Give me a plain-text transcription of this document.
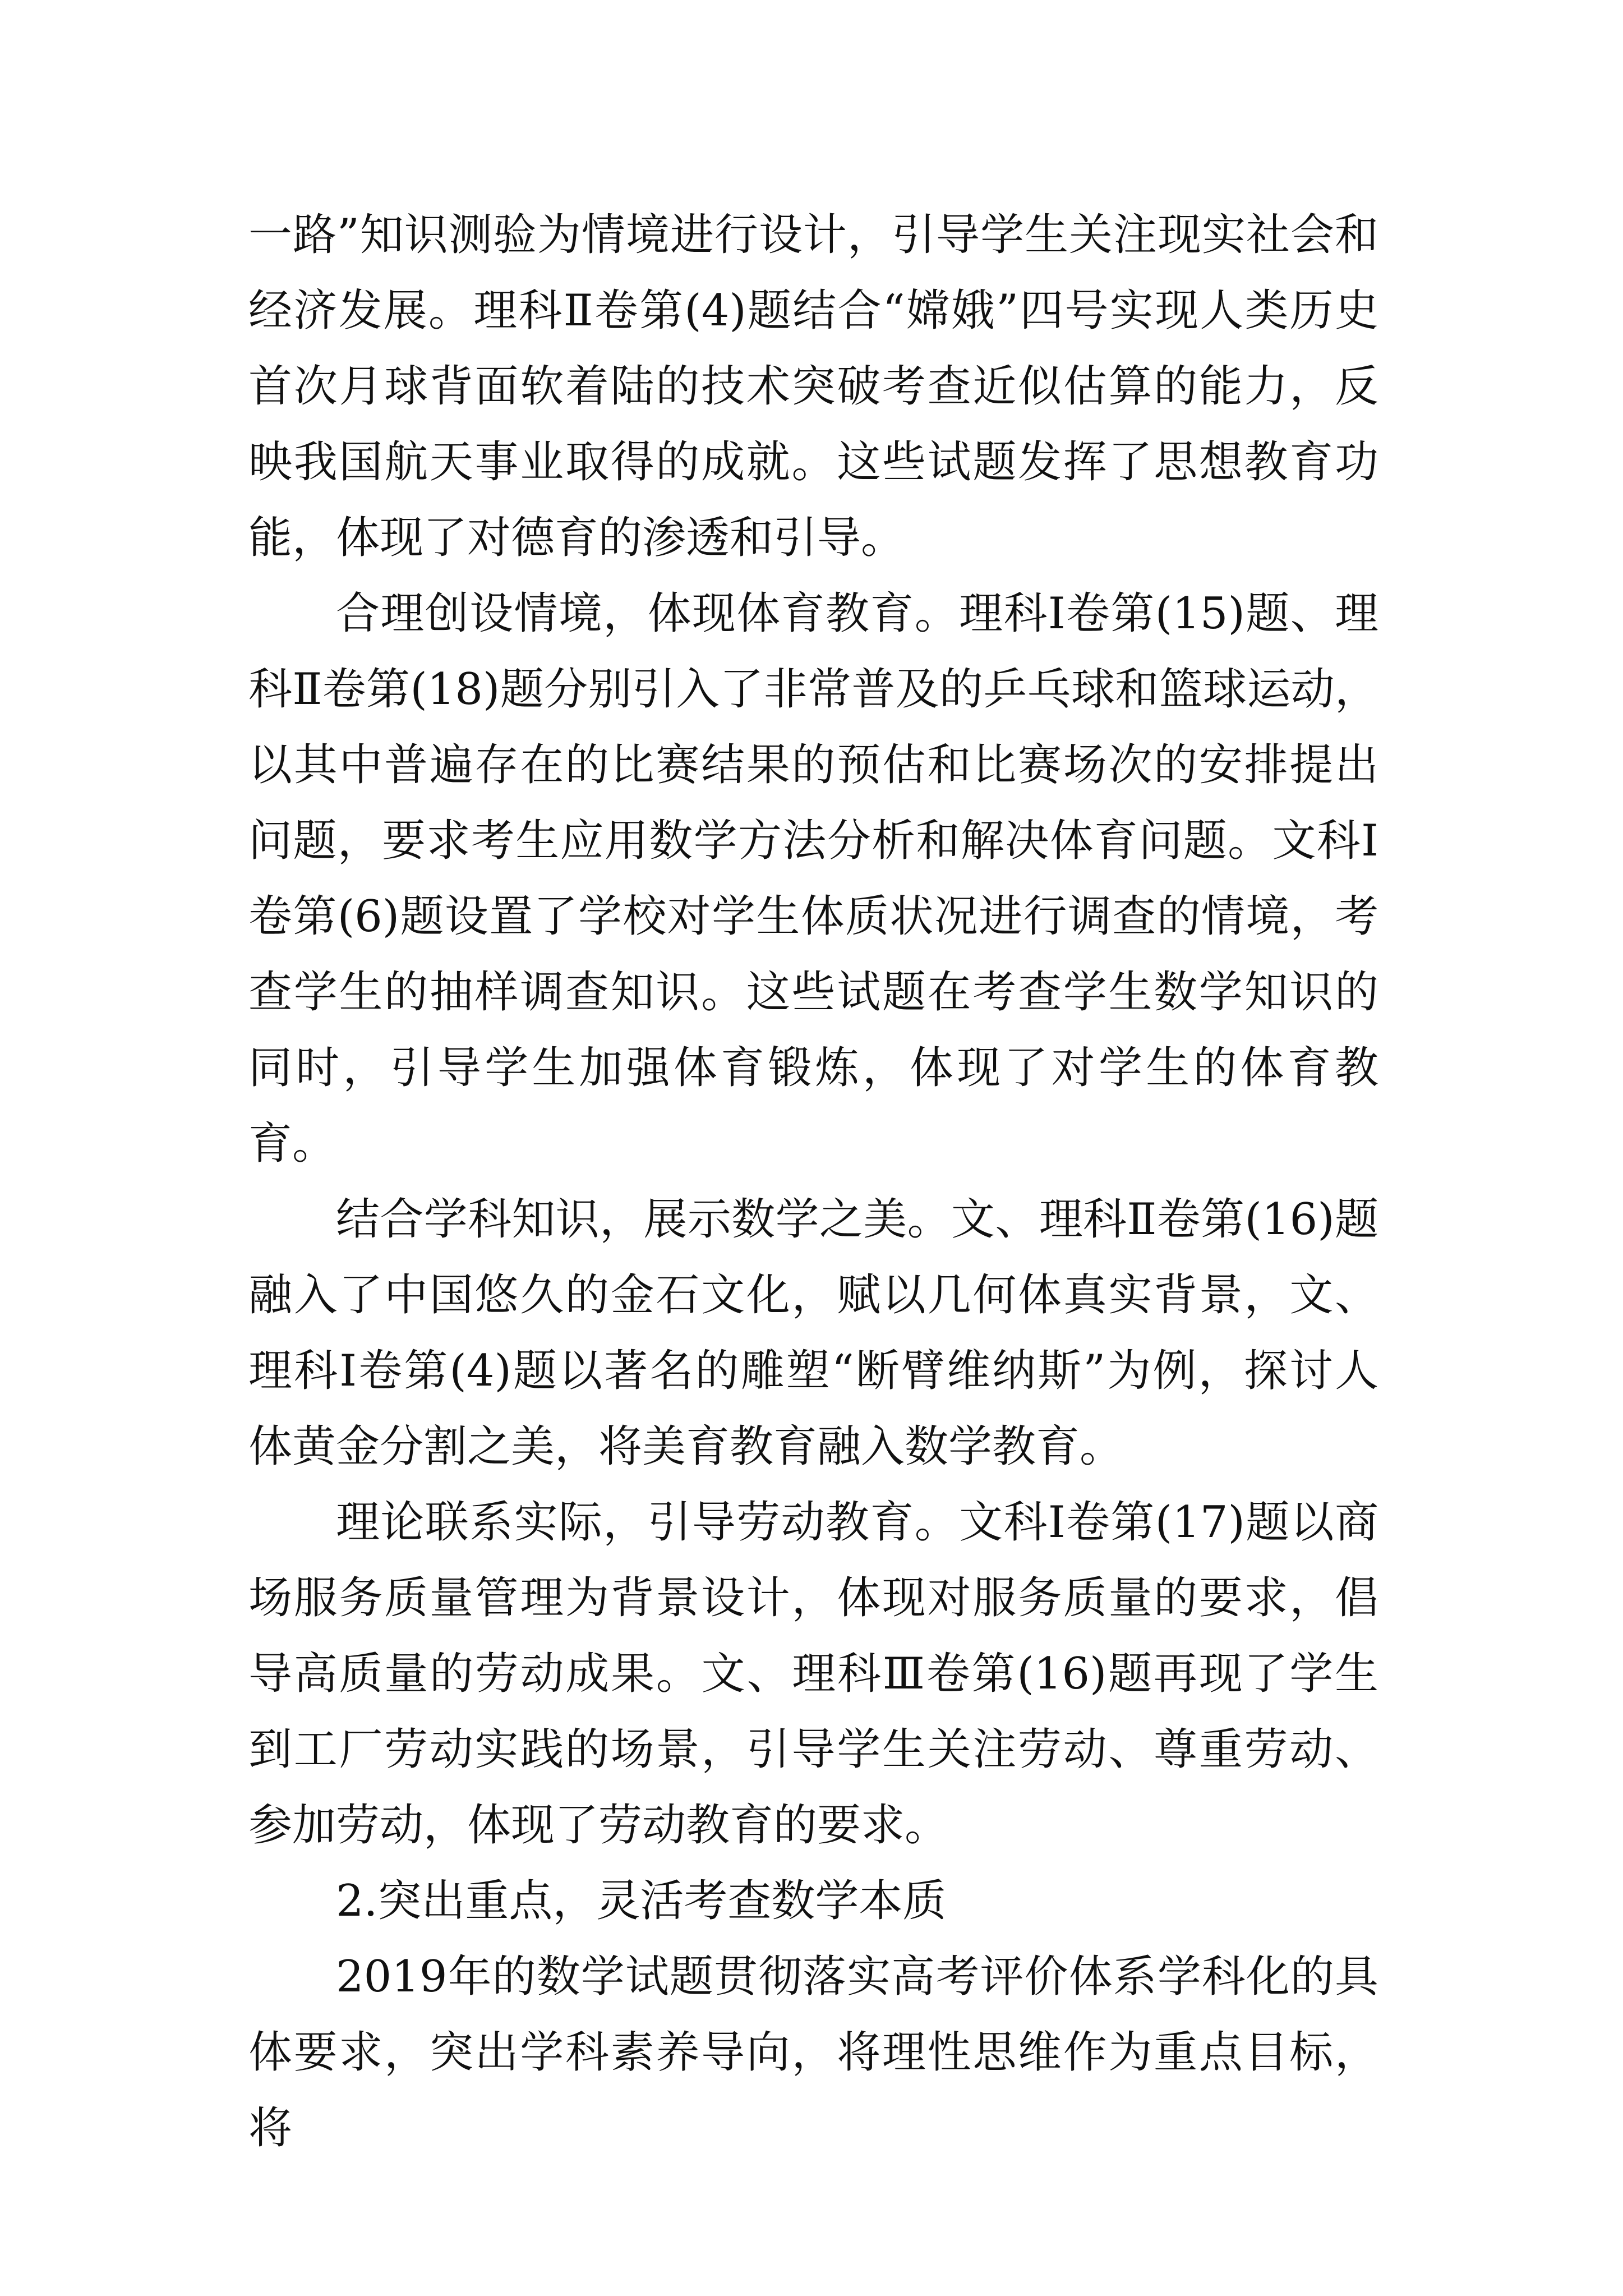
一路”知识测验为情境进行设计，引导学生关注现实社会和经济发展。理科Ⅱ卷第(4)题结合“嫦娥”四号实现人类历史首次月球背面软着陆的技术突破考查近似估算的能力，反映我国航天事业取得的成就。这些试题发挥了思想教育功能，体现了对德育的渗透和引导。

合理创设情境，体现体育教育。理科Ⅰ卷第(15)题、理科Ⅱ卷第(18)题分别引入了非常普及的乒乓球和篮球运动，以其中普遍存在的比赛结果的预估和比赛场次的安排提出问题，要求考生应用数学方法分析和解决体育问题。文科Ⅰ卷第(6)题设置了学校对学生体质状况进行调查的情境，考查学生的抽样调查知识。这些试题在考查学生数学知识的同时，引导学生加强体育锻炼，体现了对学生的体育教育。

结合学科知识，展示数学之美。文、理科Ⅱ卷第(16)题融入了中国悠久的金石文化，赋以几何体真实背景，文、理科Ⅰ卷第(4)题以著名的雕塑“断臂维纳斯”为例，探讨人体黄金分割之美，将美育教育融入数学教育。

理论联系实际，引导劳动教育。文科Ⅰ卷第(17)题以商场服务质量管理为背景设计，体现对服务质量的要求，倡导高质量的劳动成果。文、理科Ⅲ卷第(16)题再现了学生到工厂劳动实践的场景，引导学生关注劳动、尊重劳动、参加劳动，体现了劳动教育的要求。

2.突出重点，灵活考查数学本质

2019年的数学试题贯彻落实高考评价体系学科化的具体要求，突出学科素养导向，将理性思维作为重点目标，将
